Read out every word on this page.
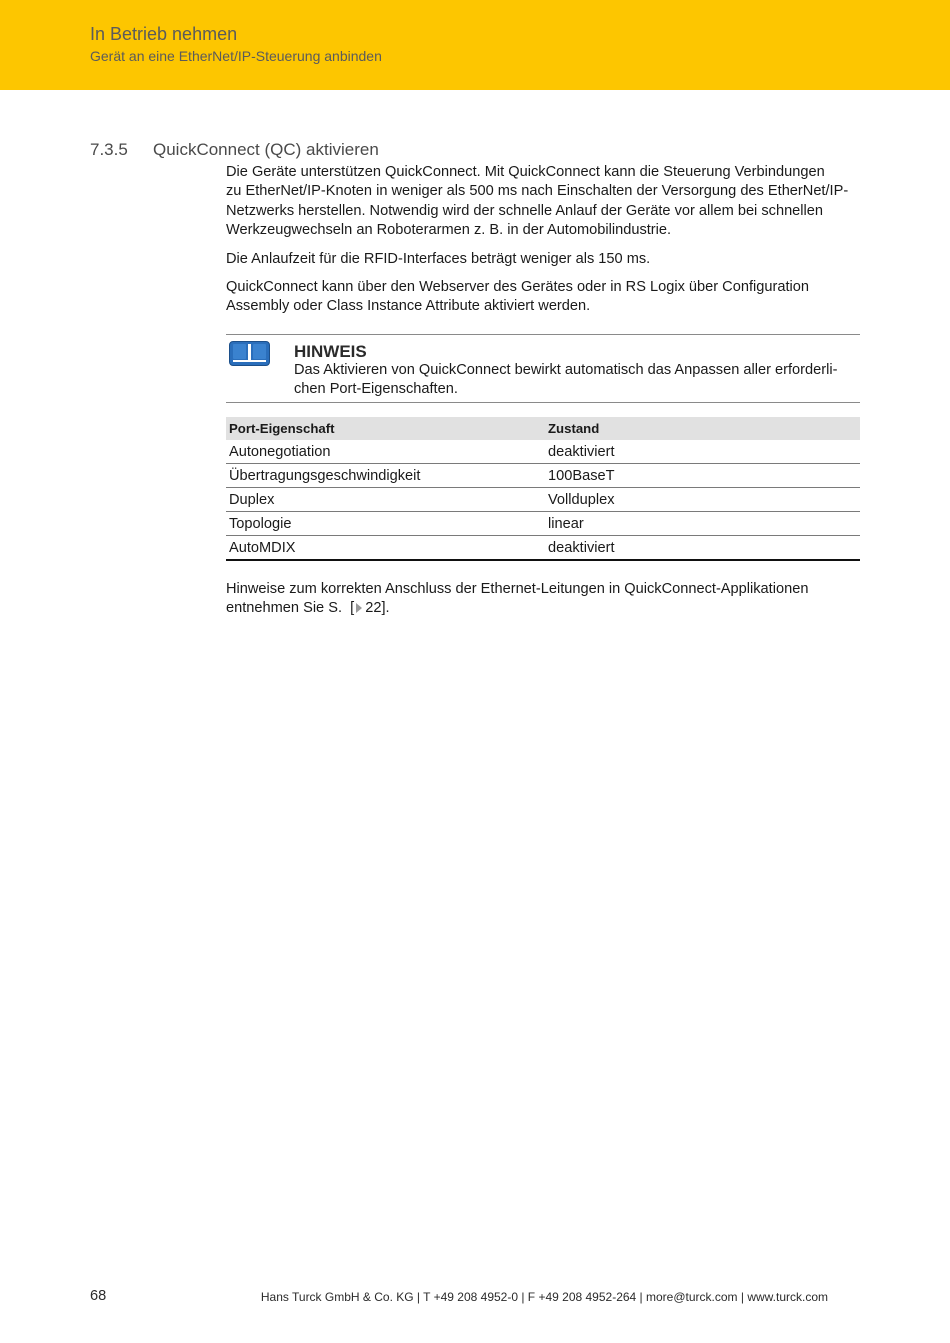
In Betrieb nehmen
Gerät an eine EtherNet/IP-Steuerung anbinden
7.3.5 QuickConnect (QC) aktivieren
Die Geräte unterstützen QuickConnect. Mit QuickConnect kann die Steuerung Verbindungen
zu EtherNet/IP-Knoten in weniger als 500 ms nach Einschalten der Versorgung des EtherNet/IP-
Netzwerks herstellen. Notwendig wird der schnelle Anlauf der Geräte vor allem bei schnellen
Werkzeugwechseln an Roboterarmen z. B. in der Automobilindustrie.
Die Anlaufzeit für die RFID-Interfaces beträgt weniger als 150 ms.
QuickConnect kann über den Webserver des Gerätes oder in RS Logix über Configuration
Assembly oder Class Instance Attribute aktiviert werden.
HINWEIS
Das Aktivieren von QuickConnect bewirkt automatisch das Anpassen aller erforderli-
chen Port-Eigenschaften.
Port-Eigenschaft	Zustand
Autonegotiation	deaktiviert
Übertragungsgeschwindigkeit	100BaseT
Duplex	Vollduplex
Topologie	linear
AutoMDIX	deaktiviert
Hinweise zum korrekten Anschluss der Ethernet-Leitungen in QuickConnect-Applikationen
entnehmen Sie S. [ 22].
68	Hans Turck GmbH & Co. KG | T +49 208 4952-0 | F +49 208 4952-264 | more@turck.com | www.turck.com
